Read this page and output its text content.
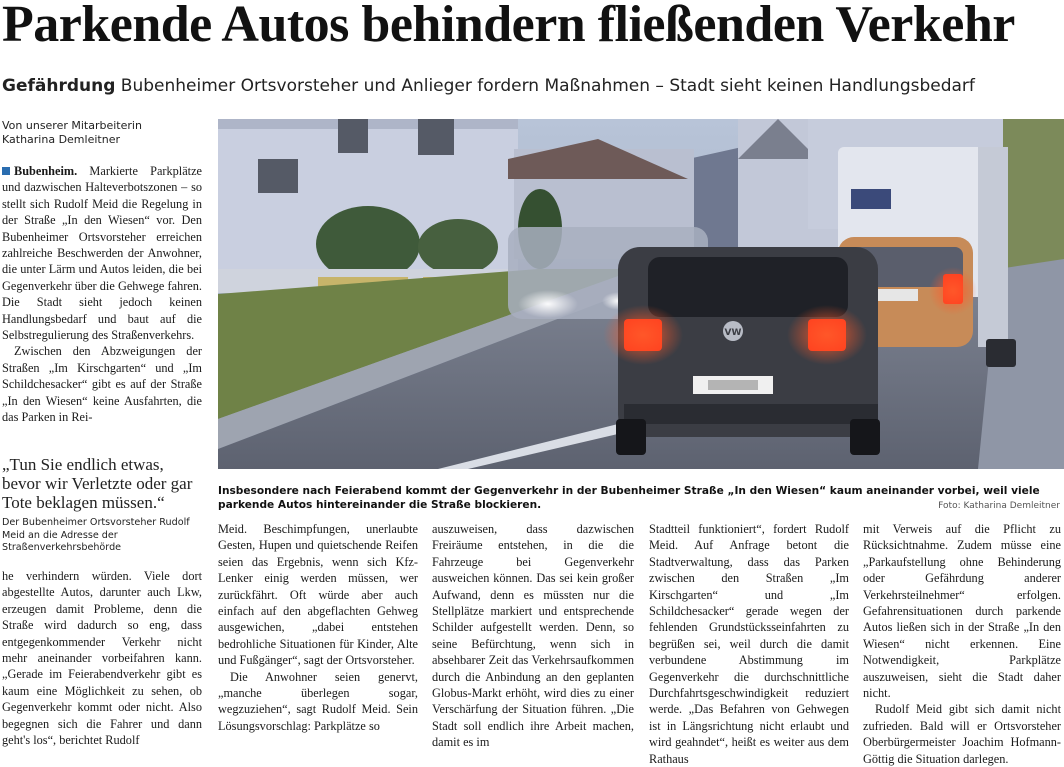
Parkende Autos behindern fließenden Verkehr
Gefährdung Bubenheimer Ortsvorsteher und Anlieger fordern Maßnahmen – Stadt sieht keinen Handlungsbedarf
Von unserer Mitarbeiterin
Katharina Demleitner

Bubenheim. Markierte Parkplätze und dazwischen Halteverbotszonen – so stellt sich Rudolf Meid die Regelung in der Straße „In den Wiesen“ vor. Den Bubenheimer Ortsvorsteher erreichen zahlreiche Beschwerden der Anwohner, die unter Lärm und Autos leiden, die bei Gegenverkehr über die Gehwege fahren. Die Stadt sieht jedoch keinen Handlungsbedarf und baut auf die Selbstregulierung des Straßenverkehrs.

Zwischen den Abzweigungen der Straßen „Im Kirschgarten“ und „Im Schildchesacker“ gibt es auf der Straße „In den Wiesen“ keine Ausfahrten, die das Parken in Rei-

„Tun Sie endlich etwas, bevor wir Verletzte oder gar Tote beklagen müssen.“
Der Bubenheimer Ortsvorsteher Rudolf Meid an die Adresse der Straßenverkehrsbehörde
VW
Insbesondere nach Feierabend kommt der Gegenverkehr in der Bubenheimer Straße „In den Wiesen“ kaum aneinander vorbei, weil viele parkende Autos hintereinander die Straße blockieren.	Foto: Katharina Demleitner

he verhindern würden. Viele dort abgestellte Autos, darunter auch Lkw, erzeugen damit Probleme, denn die Straße wird dadurch so eng, dass entgegenkommender Verkehr nicht mehr aneinander vorbeifahren kann. „Gerade im Feierabendverkehr gibt es kaum eine Möglichkeit zu sehen, ob Gegenverkehr kommt oder nicht. Also begegnen sich die Fahrer und dann geht's los“, berichtet Rudolf

Meid. Beschimpfungen, unerlaubte Gesten, Hupen und quietschende Reifen seien das Ergebnis, wenn sich Kfz-Lenker einig werden müssen, wer zurückfährt. Oft würde aber auch einfach auf den abgeflachten Gehweg ausgewichen, „dabei entstehen bedrohliche Situationen für Kinder, Alte und Fußgänger“, sagt der Ortsvorsteher.

Die Anwohner seien genervt, „manche überlegen sogar, wegzuziehen“, sagt Rudolf Meid. Sein Lösungsvorschlag: Parkplätze so

auszuweisen, dass dazwischen Freiräume entstehen, in die die Fahrzeuge bei Gegenverkehr ausweichen können. Das sei kein großer Aufwand, denn es müssten nur die Stellplätze markiert und entsprechende Schilder aufgestellt werden. Denn, so seine Befürchtung, wenn sich in absehbarer Zeit das Verkehrsaufkommen durch die Anbindung an den geplanten Globus-Markt erhöht, wird dies zu einer Verschärfung der Situation führen. „Die Stadt soll endlich ihre Arbeit machen, damit es im

Stadtteil funktioniert“, fordert Rudolf Meid. Auf Anfrage betont die Stadtverwaltung, dass das Parken zwischen den Straßen „Im Kirschgarten“ und „Im Schildchesacker“ gerade wegen der fehlenden Grundstücksseinfahrten zu begrüßen sei, weil durch die damit verbundene Abstimmung im Gegenverkehr die durchschnittliche Durchfahrtsgeschwindigkeit reduziert werde. „Das Befahren von Gehwegen ist in Längsrichtung nicht erlaubt und wird geahndet“, heißt es weiter aus dem Rathaus

mit Verweis auf die Pflicht zu Rücksichtnahme. Zudem müsse eine „Parkaufstellung ohne Behinderung oder Gefährdung anderer Verkehrsteilnehmer“ erfolgen. Gefahrensituationen durch parkende Autos ließen sich in der Straße „In den Wiesen“ nicht erkennen. Eine Notwendigkeit, Parkplätze auszuweisen, sieht die Stadt daher nicht.

Rudolf Meid gibt sich damit nicht zufrieden. Bald will er Ortsvorsteher Oberbürgermeister Joachim Hofmann-Göttig die Situation darlegen.
